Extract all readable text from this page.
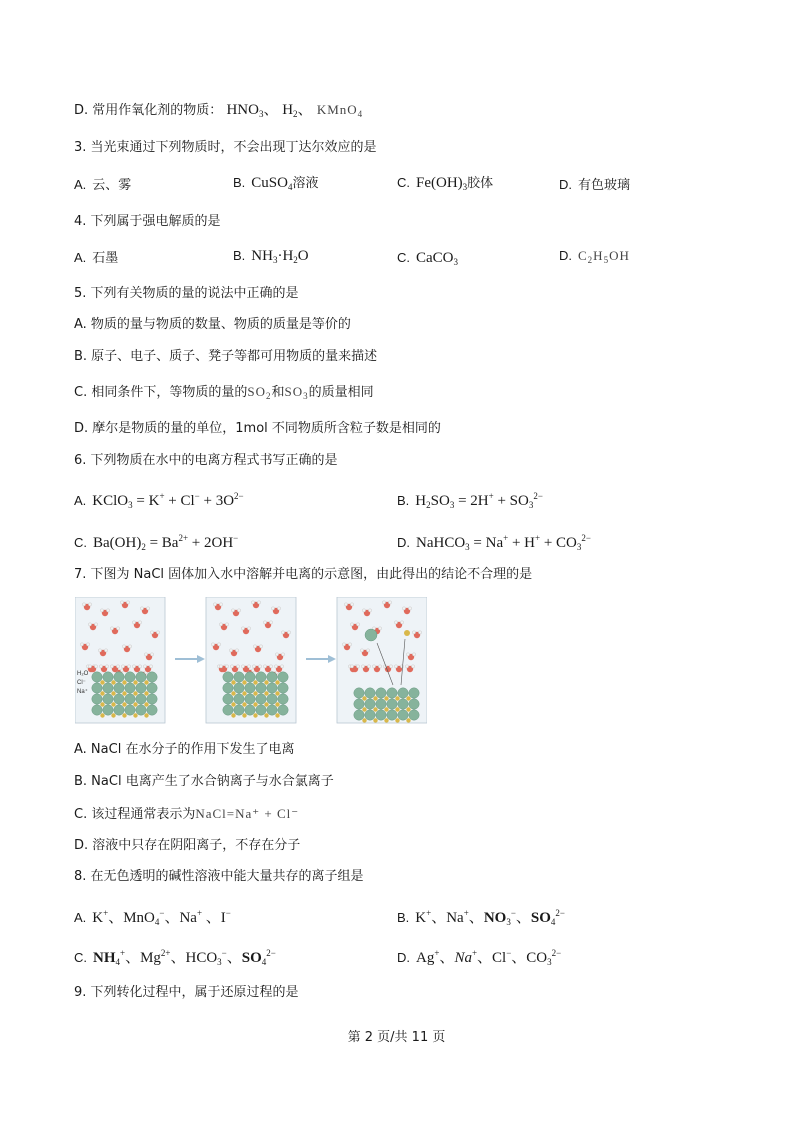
D. 常用作氧化剂的物质： $HNO_3$、 $H_2$、 KMnO$_4$
3. 当光束通过下列物质时，不会出现丁达尔效应的是
A. 云、雾	B. CuSO$_4$溶液	C. $Fe(OH)_3$胶体	D. 有色玻璃
4. 下列属于强电解质的是
A. 石墨	B. $NH_3\cdot H_2O$	C. CaCO$_3$	D. $C_2H_5OH$
5. 下列有关物质的量的说法中正确的是
A. 物质的量与物质的数量、物质的质量是等价的
B. 原子、电子、质子、凳子等都可用物质的量来描述
C. 相同条件下，等物质的量的$SO_2$和$SO_3$的质量相同
D. 摩尔是物质的量的单位，1mol 不同物质所含粒子数是相同的
6. 下列物质在水中的电离方程式书写正确的是
A. KClO$_3$ = $K^+ + Cl^- + 3O^{2-}$	B. $H_2SO_3 = 2H^+ + SO_3^{2-}$
C. $Ba(OH)_2 = Ba^{2+} + 2OH^-$	D. NaHCO$_3$ = $Na^+ + H^+ + CO_3^{2-}$
7. 下图为 NaCl 固体加入水中溶解并电离的示意图，由此得出的结论不合理的是
H₂O
Cl⁻
Na⁺
A. NaCl 在水分子的作用下发生了电离
B. NaCl 电离产生了水合钠离子与水合氯离子
C. 该过程通常表示为NaCl=Na⁺ + Cl⁻
D. 溶液中只存在阴阳离子，不存在分子
8. 在无色透明的碱性溶液中能大量共存的离子组是
A. K+、MnO$_4$−、Na+ 、I−	B. K+、Na+、$NO_3^-$、$SO_4^{2-}$
C. $NH_4^+$、$Mg^{2+}$、$HCO_3^-$、$SO_4^{2-}$	D. Ag+、Na+、Cl−、$CO_3^{2-}$
9. 下列转化过程中，属于还原过程的是
第 2 页/共 11 页
